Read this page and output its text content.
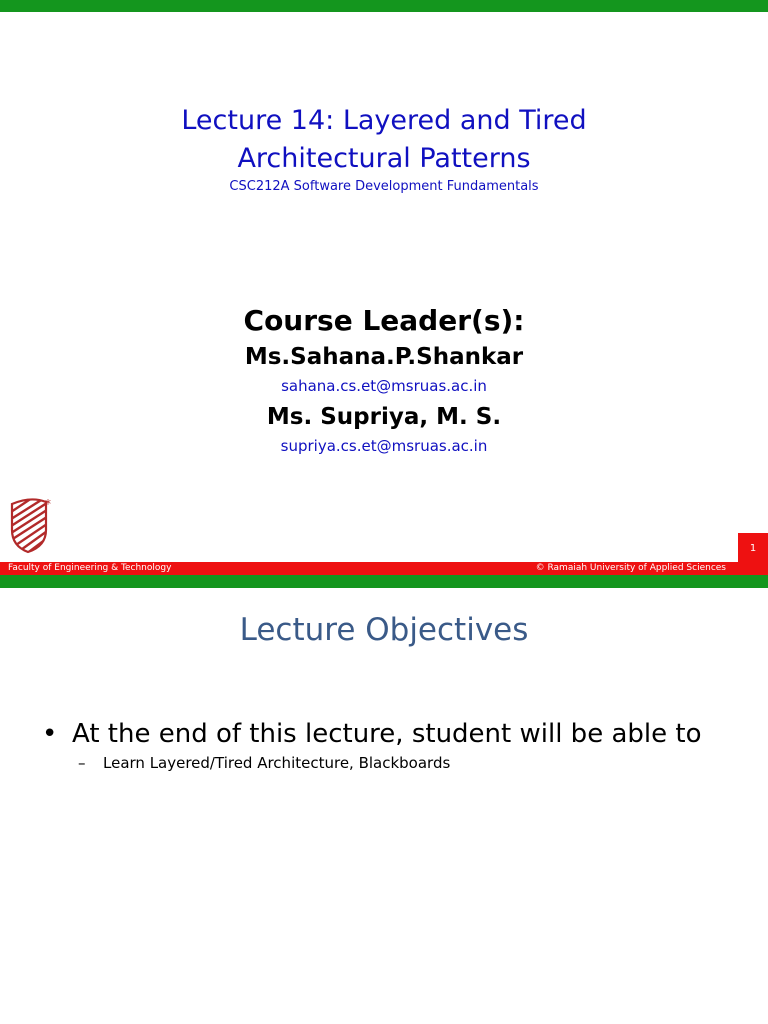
Lecture 14: Layered and Tired
Architectural Patterns
CSC212A Software Development Fundamentals
Course Leader(s):
Ms.Sahana.P.Shankar
sahana.cs.et@msruas.ac.in
Ms. Supriya, M. S.
supriya.cs.et@msruas.ac.in
*
1
Faculty of Engineering & Technology	© Ramaiah University of Applied Sciences
Lecture Objectives
• At the end of this lecture, student will be able to
– Learn Layered/Tired Architecture, Blackboards
